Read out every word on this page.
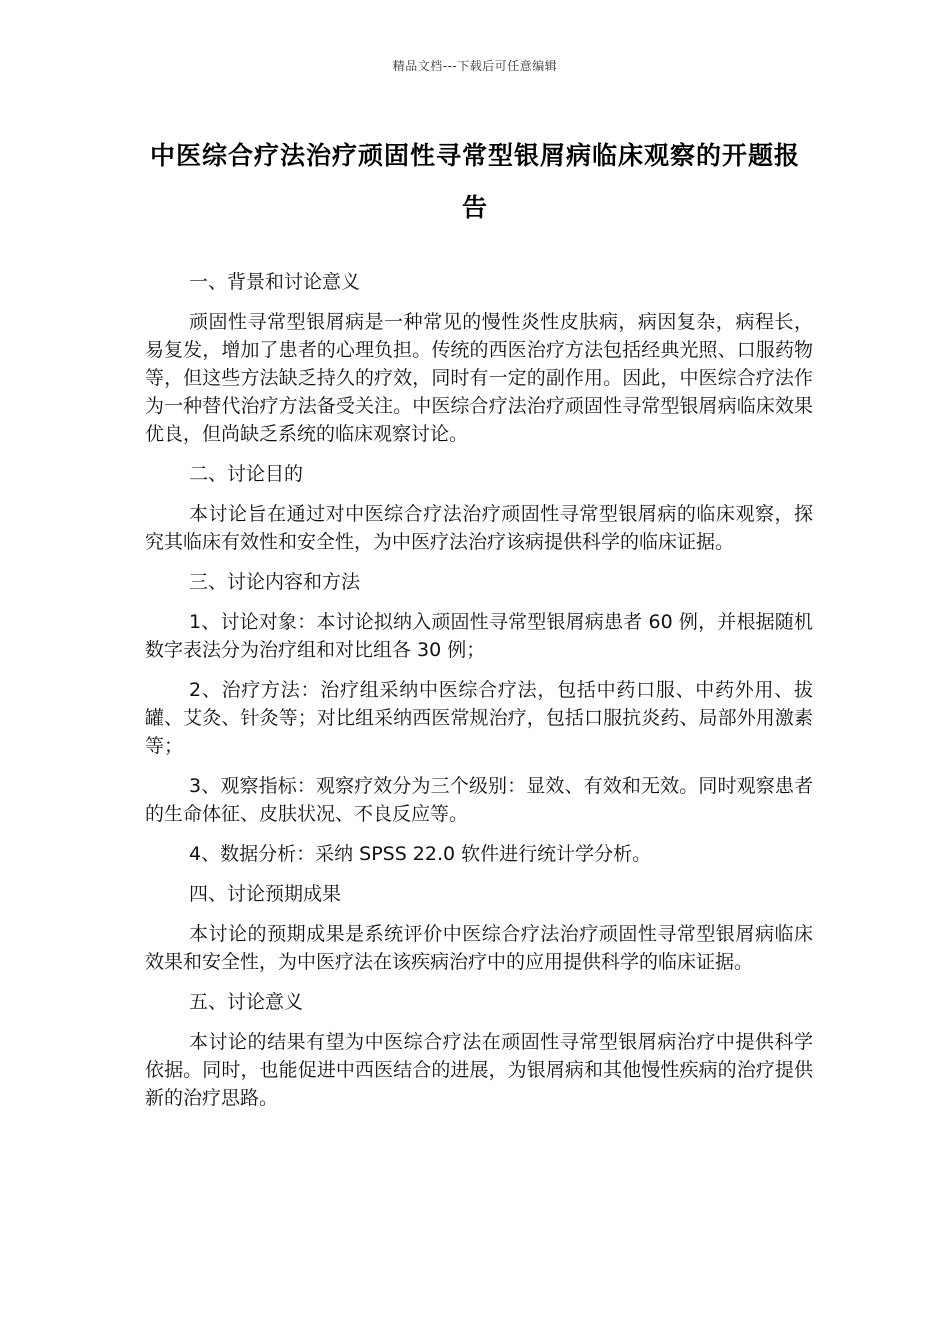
精品文档---下载后可任意编辑
中医综合疗法治疗顽固性寻常型银屑病临床观察的开题报告
一、背景和讨论意义
顽固性寻常型银屑病是一种常见的慢性炎性皮肤病，病因复杂，病程长，易复发，增加了患者的心理负担。传统的西医治疗方法包括经典光照、口服药物等，但这些方法缺乏持久的疗效，同时有一定的副作用。因此，中医综合疗法作为一种替代治疗方法备受关注。中医综合疗法治疗顽固性寻常型银屑病临床效果优良，但尚缺乏系统的临床观察讨论。
二、讨论目的
本讨论旨在通过对中医综合疗法治疗顽固性寻常型银屑病的临床观察，探究其临床有效性和安全性，为中医疗法治疗该病提供科学的临床证据。
三、讨论内容和方法
1、讨论对象：本讨论拟纳入顽固性寻常型银屑病患者 60 例，并根据随机数字表法分为治疗组和对比组各 30 例；
2、治疗方法：治疗组采纳中医综合疗法，包括中药口服、中药外用、拔罐、艾灸、针灸等；对比组采纳西医常规治疗，包括口服抗炎药、局部外用激素等；
3、观察指标：观察疗效分为三个级别：显效、有效和无效。同时观察患者的生命体征、皮肤状况、不良反应等。
4、数据分析：采纳 SPSS 22.0 软件进行统计学分析。
四、讨论预期成果
本讨论的预期成果是系统评价中医综合疗法治疗顽固性寻常型银屑病临床效果和安全性，为中医疗法在该疾病治疗中的应用提供科学的临床证据。
五、讨论意义
本讨论的结果有望为中医综合疗法在顽固性寻常型银屑病治疗中提供科学依据。同时，也能促进中西医结合的进展，为银屑病和其他慢性疾病的治疗提供新的治疗思路。
